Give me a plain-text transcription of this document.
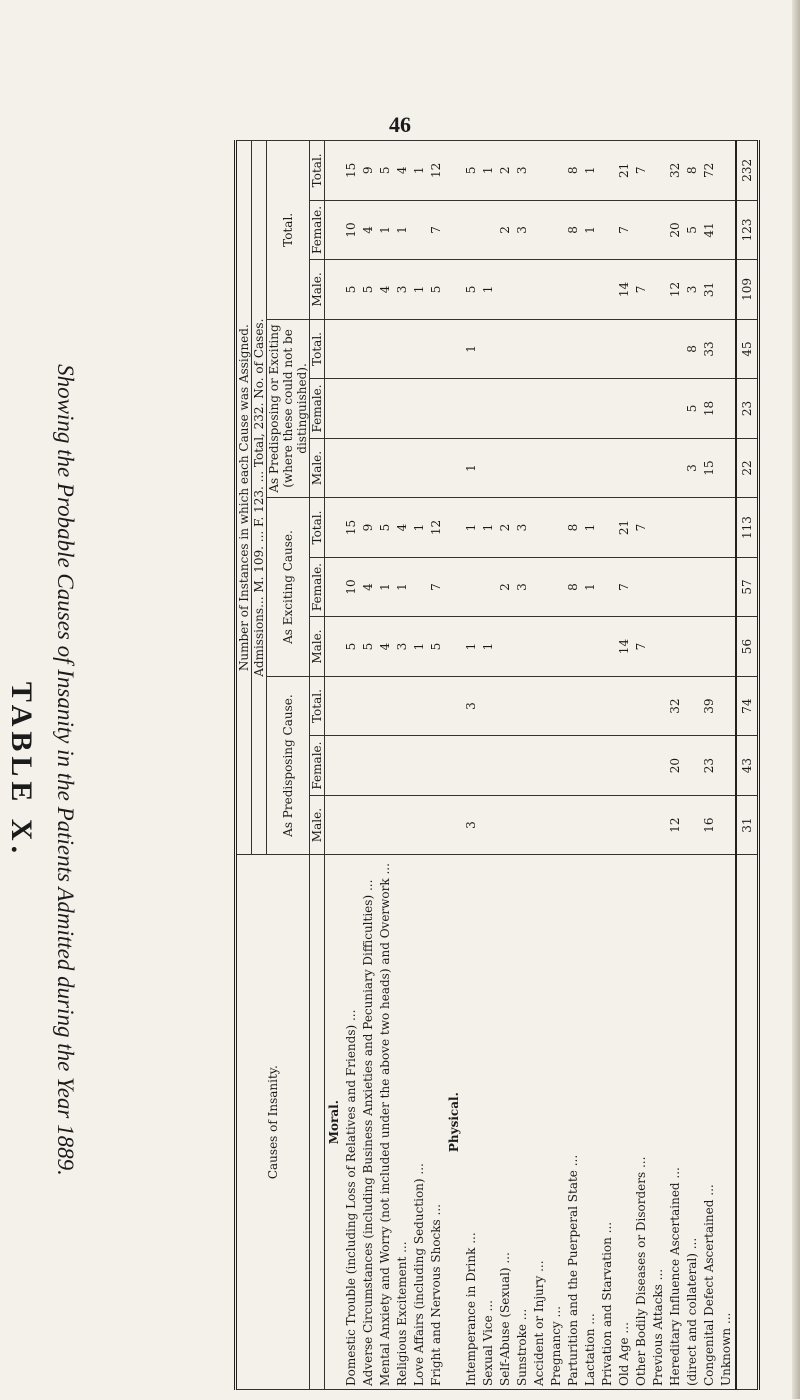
46
Showing the Probable Causes of Insanity in the Patients Admitted during the Year 1889.
TABLE X.
Causes of Insanity.	Number of Instances in which each Cause was Assigned.											
	Admissions... M. 109. ... F. 123. ... Total, 232. No. of Cases.											
	As Predisposing Cause.			As Exciting Cause.			As Predisposing or Exciting (where these could not be distinguished).			Total.		
	Male.	Female.	Total.	Male.	Female.	Total.	Male.	Female.	Total.	Male.	Female.	Total.
Moral.												
Domestic Trouble (including Loss of Relatives and Friends) ...				5	10	15				5	10	15
Adverse Circumstances (including Business Anxieties and Pecuniary Difficulties) ...				5	4	9				5	4	9
Mental Anxiety and Worry (not included under the above two heads) and Overwork ...				4	1	5				4	1	5
Religious Excitement ...				3	1	4				3	1	4
Love Affairs (including Seduction) ...				1		1				1		1
Fright and Nervous Shocks ...				5	7	12				5	7	12
Physical.												
Intemperance in Drink ...	3		3	1		1	1		1	5		5
Sexual Vice ...				1		1				1		1
Self-Abuse (Sexual) ...					2	2					2	2
Sunstroke ...					3	3					3	3
Accident or Injury ...												
Pregnancy ...												
Parturition and the Puerperal State ...					8	8					8	8
Lactation ...					1	1					1	1
Privation and Starvation ...												
Old Age ...				14	7	21				14	7	21
Other Bodily Diseases or Disorders ...				7		7				7		7
Previous Attacks ...												
Hereditary Influence Ascertained ...	12	20	32							12	20	32
(direct and collateral) ...							3	5	8	3	5	8
Congenital Defect Ascertained ...	16	23	39				15	18	33	31	41	72
Unknown ...												
	31	43	74	56	57	113	22	23	45	109	123	232
